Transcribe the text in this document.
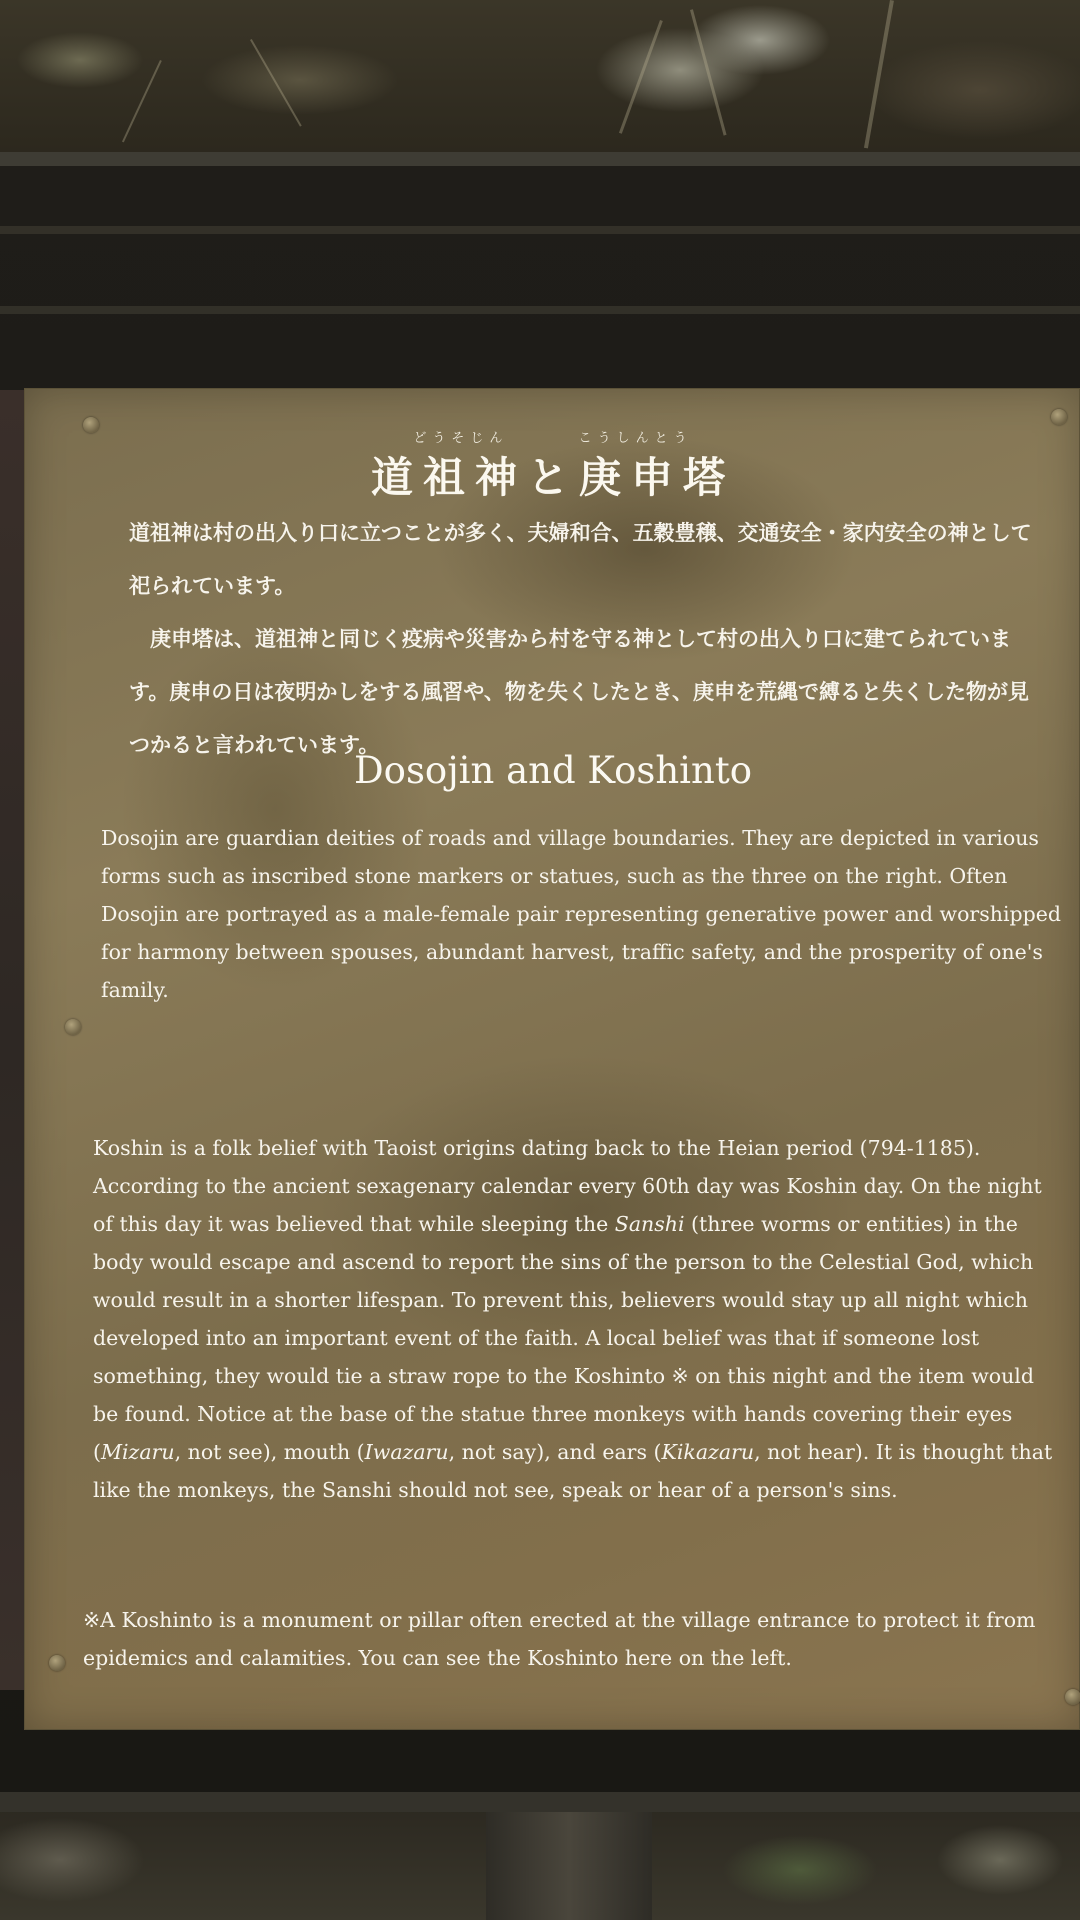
どうそじん	こうしんとう
道祖神と庚申塔
道祖神は村の出入り口に立つことが多く、夫婦和合、五穀豊穣、交通安全・家内安全の神として祀られています。
庚申塔は、道祖神と同じく疫病や災害から村を守る神として村の出入り口に建てられています。庚申の日は夜明かしをする風習や、物を失くしたとき、庚申を荒縄で縛ると失くした物が見つかると言われています。
Dosojin and Koshinto
Dosojin are guardian deities of roads and village boundaries. They are depicted in various forms such as inscribed stone markers or statues, such as the three on the right. Often Dosojin are portrayed as a male-female pair representing generative power and worshipped for harmony between spouses, abundant harvest, traffic safety, and the prosperity of one's family.
Koshin is a folk belief with Taoist origins dating back to the Heian period (794-1185). According to the ancient sexagenary calendar every 60th day was Koshin day. On the night of this day it was believed that while sleeping the Sanshi (three worms or entities) in the body would escape and ascend to report the sins of the person to the Celestial God, which would result in a shorter lifespan. To prevent this, believers would stay up all night which developed into an important event of the faith. A local belief was that if someone lost something, they would tie a straw rope to the Koshinto ※ on this night and the item would be found. Notice at the base of the statue three monkeys with hands covering their eyes (Mizaru, not see), mouth (Iwazaru, not say), and ears (Kikazaru, not hear). It is thought that like the monkeys, the Sanshi should not see, speak or hear of a person's sins.
※A Koshinto is a monument or pillar often erected at the village entrance to protect it from epidemics and calamities. You can see the Koshinto here on the left.
